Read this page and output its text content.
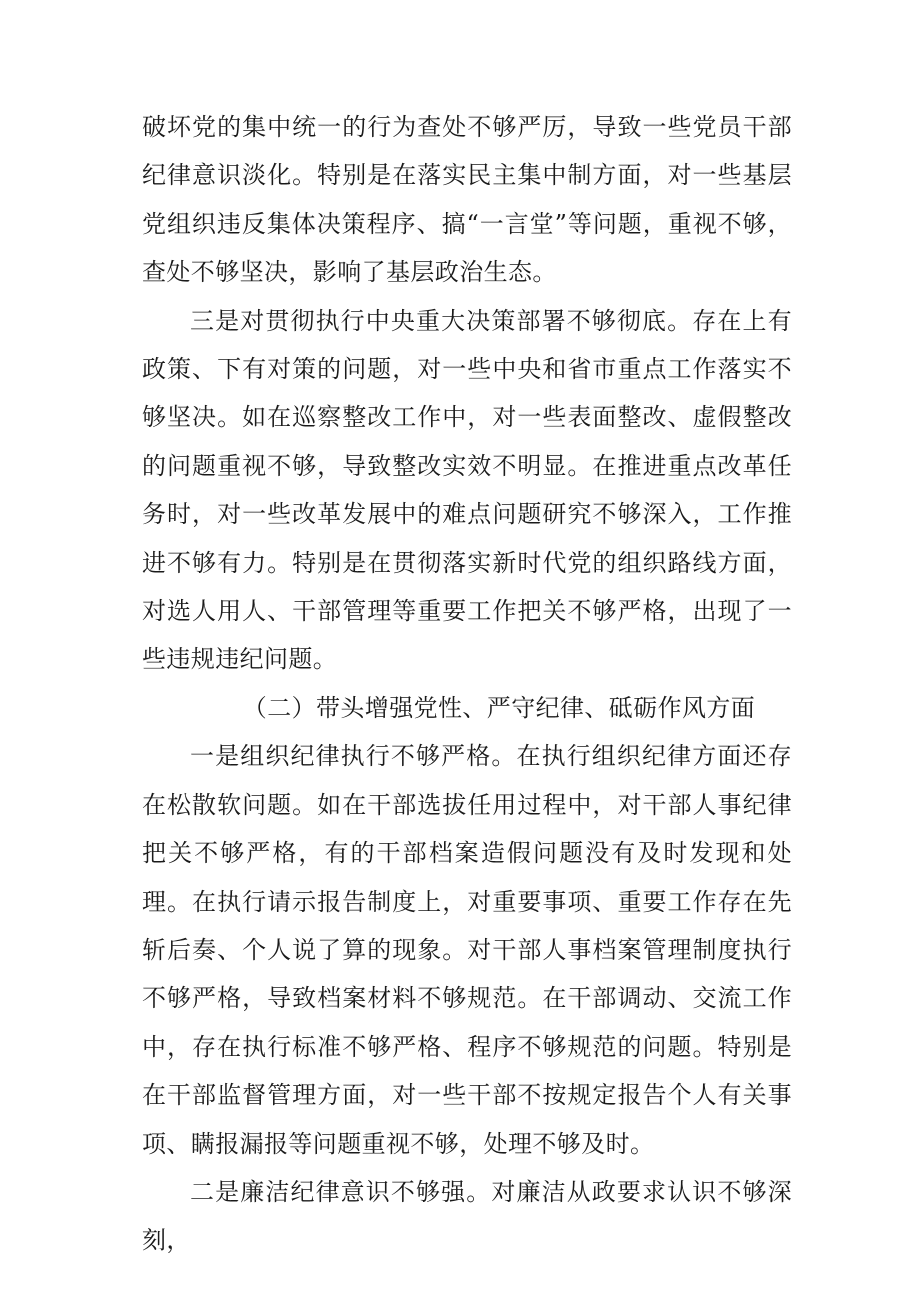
破坏党的集中统一的行为查处不够严厉，导致一些党员干部纪律意识淡化。特别是在落实民主集中制方面，对一些基层党组织违反集体决策程序、搞“一言堂”等问题，重视不够，查处不够坚决，影响了基层政治生态。

三是对贯彻执行中央重大决策部署不够彻底。存在上有政策、下有对策的问题，对一些中央和省市重点工作落实不够坚决。如在巡察整改工作中，对一些表面整改、虚假整改的问题重视不够，导致整改实效不明显。在推进重点改革任务时，对一些改革发展中的难点问题研究不够深入，工作推进不够有力。特别是在贯彻落实新时代党的组织路线方面，对选人用人、干部管理等重要工作把关不够严格，出现了一些违规违纪问题。

（二）带头增强党性、严守纪律、砥砺作风方面

一是组织纪律执行不够严格。在执行组织纪律方面还存在松散软问题。如在干部选拔任用过程中，对干部人事纪律把关不够严格，有的干部档案造假问题没有及时发现和处理。在执行请示报告制度上，对重要事项、重要工作存在先斩后奏、个人说了算的现象。对干部人事档案管理制度执行不够严格，导致档案材料不够规范。在干部调动、交流工作中，存在执行标准不够严格、程序不够规范的问题。特别是在干部监督管理方面，对一些干部不按规定报告个人有关事项、瞒报漏报等问题重视不够，处理不够及时。

二是廉洁纪律意识不够强。对廉洁从政要求认识不够深刻，
